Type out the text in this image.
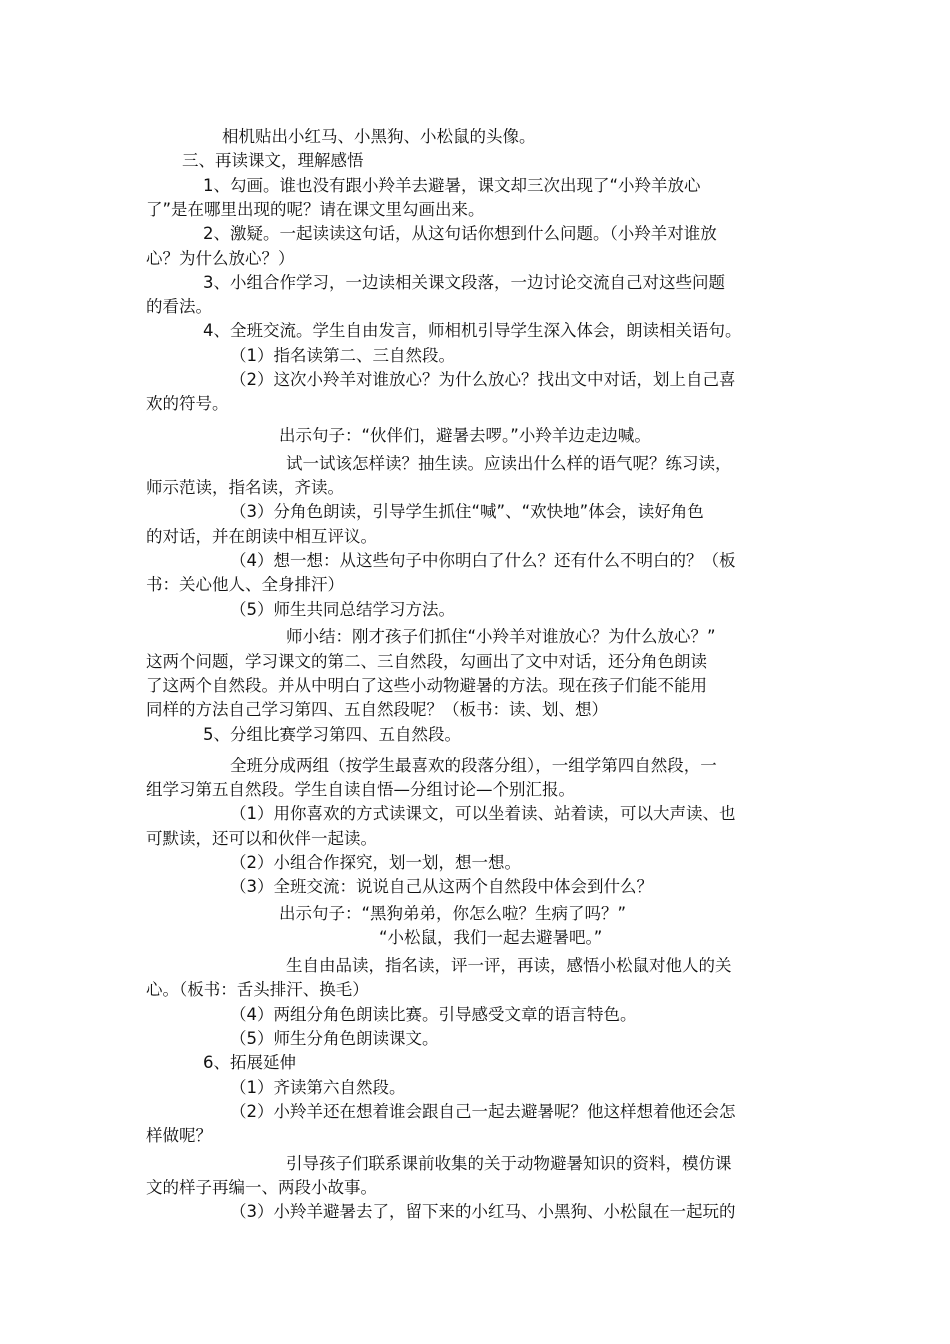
相机贴出小红马、小黑狗、小松鼠的头像。
三、再读课文，理解感悟
1、勾画。谁也没有跟小羚羊去避暑，课文却三次出现了“小羚羊放心
了”是在哪里出现的呢？请在课文里勾画出来。
2、激疑。一起读读这句话，从这句话你想到什么问题。（小羚羊对谁放
心？为什么放心？）
3、小组合作学习，一边读相关课文段落，一边讨论交流自己对这些问题
的看法。
4、全班交流。学生自由发言，师相机引导学生深入体会，朗读相关语句。
（1）指名读第二、三自然段。
（2）这次小羚羊对谁放心？为什么放心？找出文中对话，划上自己喜
欢的符号。
出示句子：“伙伴们，避暑去啰。”小羚羊边走边喊。
试一试该怎样读？抽生读。应读出什么样的语气呢？练习读，
师示范读，指名读，齐读。
（3）分角色朗读，引导学生抓住“喊”、“欢快地”体会，读好角色
的对话，并在朗读中相互评议。
（4）想一想：从这些句子中你明白了什么？还有什么不明白的？（板
书：关心他人、全身排汗）
（5）师生共同总结学习方法。
师小结：刚才孩子们抓住“小羚羊对谁放心？为什么放心？”
这两个问题，学习课文的第二、三自然段，勾画出了文中对话，还分角色朗读
了这两个自然段。并从中明白了这些小动物避暑的方法。现在孩子们能不能用
同样的方法自己学习第四、五自然段呢？（板书：读、划、想）
5、分组比赛学习第四、五自然段。
全班分成两组（按学生最喜欢的段落分组），一组学第四自然段，一
组学习第五自然段。学生自读自悟—分组讨论—个别汇报。
（1）用你喜欢的方式读课文，可以坐着读、站着读，可以大声读、也
可默读，还可以和伙伴一起读。
（2）小组合作探究，划一划，想一想。
（3）全班交流：说说自己从这两个自然段中体会到什么？
出示句子：“黑狗弟弟，你怎么啦？生病了吗？”
“小松鼠，我们一起去避暑吧。”
生自由品读，指名读，评一评，再读，感悟小松鼠对他人的关
心。（板书：舌头排汗、换毛）
（4）两组分角色朗读比赛。引导感受文章的语言特色。
（5）师生分角色朗读课文。
6、拓展延伸
（1）齐读第六自然段。
（2）小羚羊还在想着谁会跟自己一起去避暑呢？他这样想着他还会怎
样做呢？
引导孩子们联系课前收集的关于动物避暑知识的资料，模仿课
文的样子再编一、两段小故事。
（3）小羚羊避暑去了，留下来的小红马、小黑狗、小松鼠在一起玩的
